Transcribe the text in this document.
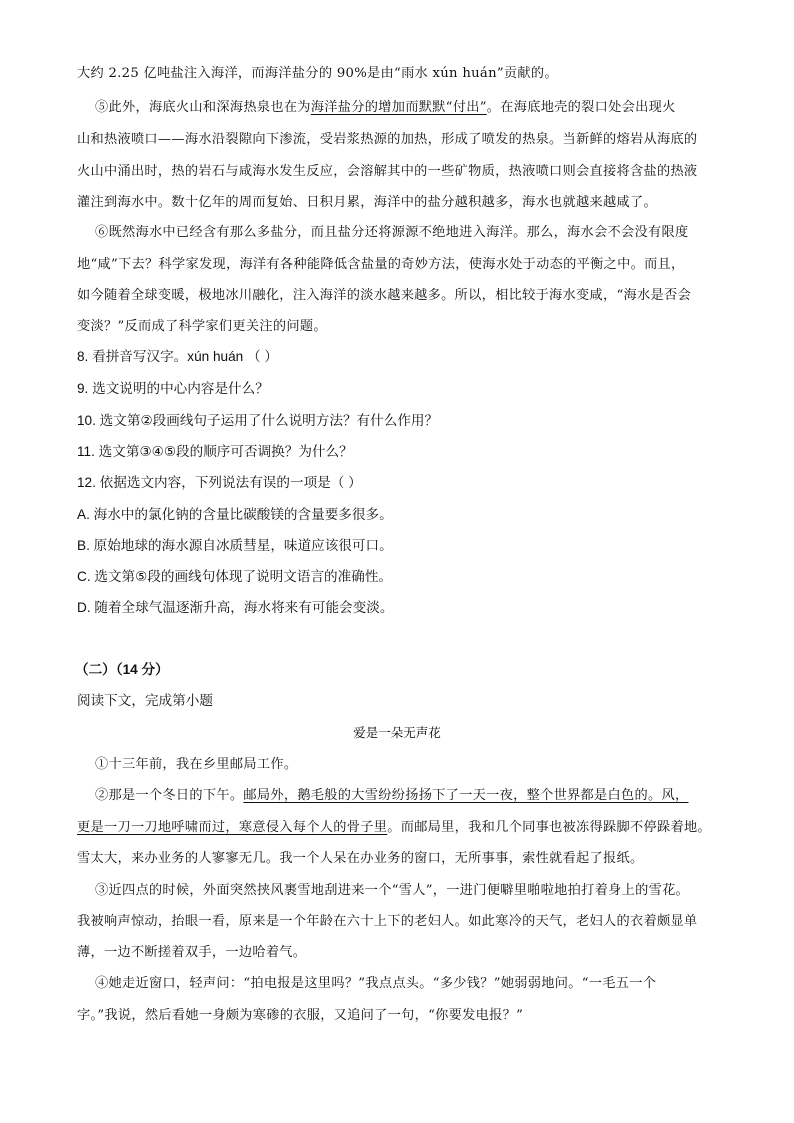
大约 2.25 亿吨盐注入海洋，而海洋盐分的 90%是由“雨水 xún huán”贡献的。
⑤此外，海底火山和深海热泉也在为海洋盐分的增加而默默“付出”。在海底地壳的裂口处会出现火
山和热液喷口——海水沿裂隙向下渗流，受岩浆热源的加热，形成了喷发的热泉。当新鲜的熔岩从海底的
火山中涌出时，热的岩石与咸海水发生反应，会溶解其中的一些矿物质，热液喷口则会直接将含盐的热液
灌注到海水中。数十亿年的周而复始、日积月累，海洋中的盐分越积越多，海水也就越来越咸了。
⑥既然海水中已经含有那么多盐分，而且盐分还将源源不绝地进入海洋。那么，海水会不会没有限度
地“咸”下去？科学家发现，海洋有各种能降低含盐量的奇妙方法，使海水处于动态的平衡之中。而且，
如今随着全球变暖，极地冰川融化，注入海洋的淡水越来越多。所以，相比较于海水变咸，“海水是否会
变淡？”反而成了科学家们更关注的问题。
8. 看拼音写汉字。xún huán （ ）
9. 选文说明的中心内容是什么？
10. 选文第②段画线句子运用了什么说明方法？有什么作用？
11. 选文第③④⑤段的顺序可否调换？为什么？
12. 依据选文内容，下列说法有误的一项是（ ）
A. 海水中的氯化钠的含量比碳酸镁的含量要多很多。
B. 原始地球的海水源自冰质彗星，味道应该很可口。
C. 选文第⑤段的画线句体现了说明文语言的准确性。
D. 随着全球气温逐渐升高，海水将来有可能会变淡。
（二）（14 分）
阅读下文，完成第小题
爱是一朵无声花
①十三年前，我在乡里邮局工作。
②那是一个冬日的下午。邮局外，鹅毛般的大雪纷纷扬扬下了一天一夜，整个世界都是白色的。风，
更是一刀一刀地呼啸而过，寒意侵入每个人的骨子里。而邮局里，我和几个同事也被冻得跺脚不停跺着地。
雪太大，来办业务的人寥寥无几。我一个人呆在办业务的窗口，无所事事，索性就看起了报纸。
③近四点的时候，外面突然挟风裹雪地刮进来一个“雪人”，一进门便噼里啪啦地拍打着身上的雪花。
我被响声惊动，抬眼一看，原来是一个年龄在六十上下的老妇人。如此寒冷的天气，老妇人的衣着颇显单
薄，一边不断搓着双手，一边哈着气。
④她走近窗口，轻声问：“拍电报是这里吗？”我点点头。“多少钱？”她弱弱地问。“一毛五一个
字。”我说，然后看她一身颇为寒碜的衣服，又追问了一句，“你要发电报？”
